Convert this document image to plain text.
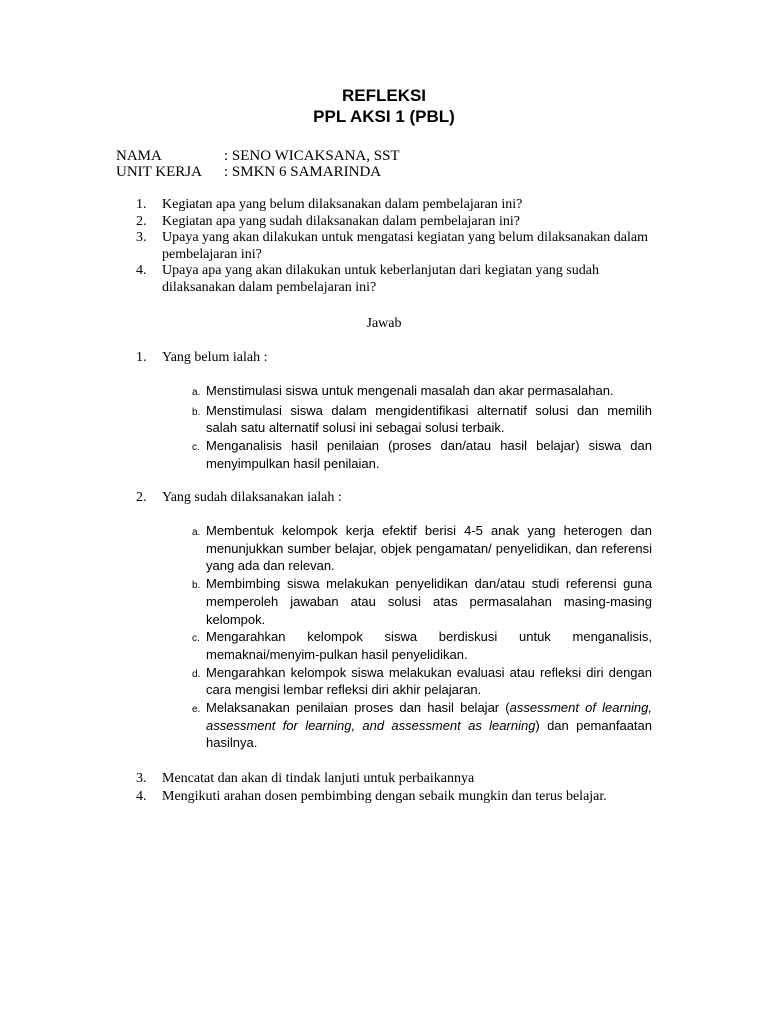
REFLEKSI
PPL AKSI 1 (PBL)
NAMA	: SENO WICAKSANA, SST
UNIT KERJA : SMKN 6 SAMARINDA
1.	Kegiatan apa yang belum dilaksanakan dalam pembelajaran ini?
2.	Kegiatan apa yang sudah dilaksanakan dalam pembelajaran ini?
3.	Upaya yang akan dilakukan untuk mengatasi kegiatan yang belum dilaksanakan dalam pembelajaran ini?
4.	Upaya apa yang akan dilakukan untuk keberlanjutan dari kegiatan yang sudah dilaksanakan dalam pembelajaran ini?
Jawab
1.	Yang belum ialah :
a. Menstimulasi siswa untuk mengenali masalah dan akar permasalahan.
b. Menstimulasi siswa dalam mengidentifikasi alternatif solusi dan memilih salah satu alternatif solusi ini sebagai solusi terbaik.
c. Menganalisis hasil penilaian (proses dan/atau hasil belajar) siswa dan menyimpulkan hasil penilaian.
2.	Yang sudah dilaksanakan ialah :
a. Membentuk kelompok kerja efektif berisi 4-5 anak yang heterogen dan menunjukkan sumber belajar, objek pengamatan/ penyelidikan, dan referensi yang ada dan relevan.
b. Membimbing siswa melakukan penyelidikan dan/atau studi referensi guna memperoleh jawaban atau solusi atas permasalahan masing-masing kelompok.
c. Mengarahkan kelompok siswa berdiskusi untuk menganalisis, memaknai/menyim-pulkan hasil penyelidikan.
d. Mengarahkan kelompok siswa melakukan evaluasi atau refleksi diri dengan cara mengisi lembar refleksi diri akhir pelajaran.
e. Melaksanakan penilaian proses dan hasil belajar (assessment of learning, assessment for learning, and assessment as learning) dan pemanfaatan hasilnya.
3.	Mencatat dan akan di tindak lanjuti untuk perbaikannya
4.	Mengikuti arahan dosen pembimbing dengan sebaik mungkin dan terus belajar.
